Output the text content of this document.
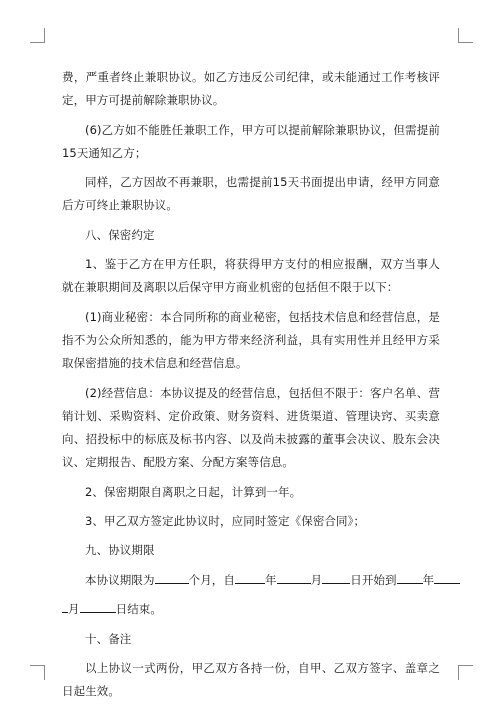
费，严重者终止兼职协议。如乙方违反公司纪律，或未能通过工作考核评定，甲方可提前解除兼职协议。

(6)乙方如不能胜任兼职工作，甲方可以提前解除兼职协议，但需提前15天通知乙方；

同样，乙方因故不再兼职，也需提前15天书面提出申请，经甲方同意后方可终止兼职协议。

八、保密约定

1、鉴于乙方在甲方任职，将获得甲方支付的相应报酬，双方当事人就在兼职期间及离职以后保守甲方商业机密的包括但不限于以下：

(1)商业秘密：本合同所称的商业秘密，包括技术信息和经营信息，是指不为公众所知悉的，能为甲方带来经济利益，具有实用性并且经甲方采取保密措施的技术信息和经营信息。

(2)经营信息：本协议提及的经营信息，包括但不限于：客户名单、营销计划、采购资料、定价政策、财务资料、进货渠道、管理诀窍、买卖意向、招投标中的标底及标书内容、以及尚未披露的董事会决议、股东会决议、定期报告、配股方案、分配方案等信息。

2、保密期限自离职之日起，计算到一年。

3、甲乙双方签定此协议时，应同时签定《保密合同》；

九、协议期限

本协议期限为	个月，自	年	月 日开始到 年

月	日结束。

十、备注

以上协议一式两份，甲乙双方各持一份，自甲、乙双方签字、盖章之日起生效。
